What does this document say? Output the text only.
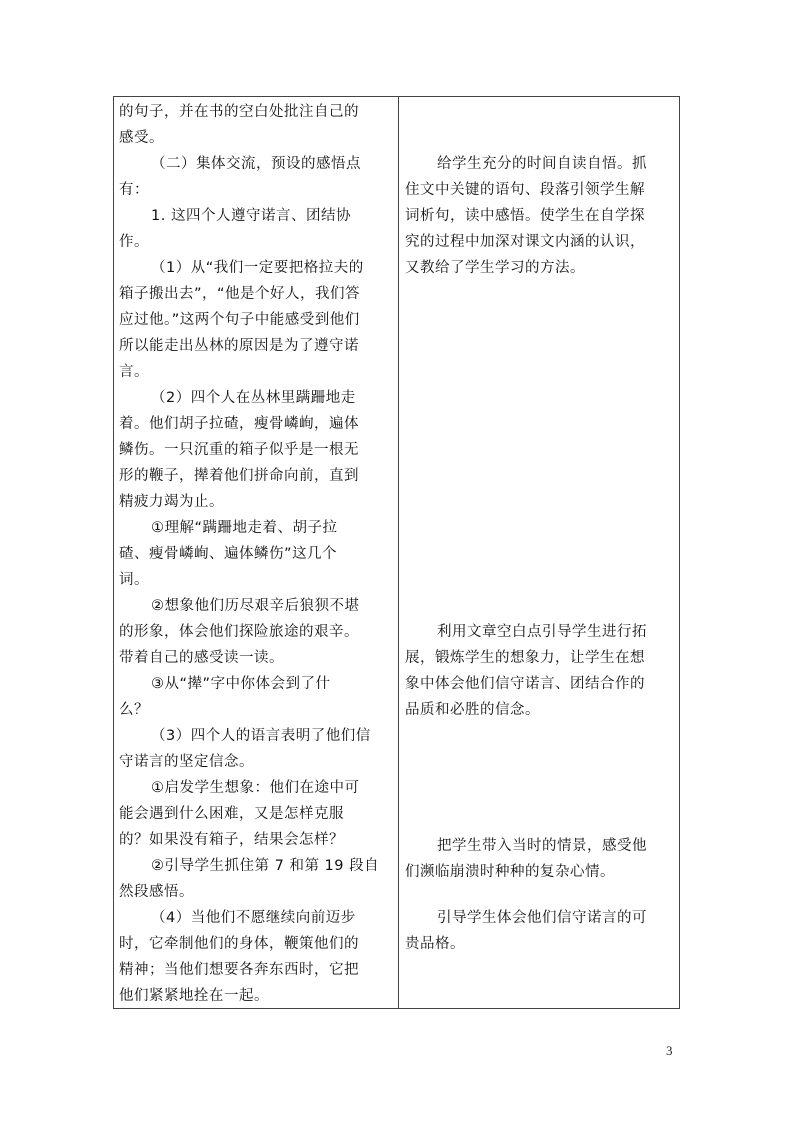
的句子，并在书的空白处批注自己的
感受。
（二）集体交流，预设的感悟点
有：
1. 这四个人遵守诺言、团结协
作。
（1）从“我们一定要把格拉夫的
箱子搬出去”，“他是个好人，我们答
应过他。”这两个句子中能感受到他们
所以能走出丛林的原因是为了遵守诺
言。
（2）四个人在丛林里蹒跚地走
着。他们胡子拉碴，瘦骨嶙峋，遍体
鳞伤。一只沉重的箱子似乎是一根无
形的鞭子，撵着他们拼命向前，直到
精疲力竭为止。
①理解“蹒跚地走着、胡子拉
碴、瘦骨嶙峋、遍体鳞伤”这几个
词。
②想象他们历尽艰辛后狼狈不堪
的形象，体会他们探险旅途的艰辛。
带着自己的感受读一读。
③从“撵”字中你体会到了什
么？
（3）四个人的语言表明了他们信
守诺言的坚定信念。
①启发学生想象：他们在途中可
能会遇到什么困难，又是怎样克服
的？如果没有箱子，结果会怎样？
②引导学生抓住第 7 和第 19 段自
然段感悟。
（4）当他们不愿继续向前迈步
时，它牵制他们的身体，鞭策他们的
精神；当他们想要各奔东西时，它把
他们紧紧地拴在一起。
给学生充分的时间自读自悟。抓
住文中关键的语句、段落引领学生解
词析句，读中感悟。使学生在自学探
究的过程中加深对课文内涵的认识，
又教给了学生学习的方法。
利用文章空白点引导学生进行拓
展，锻炼学生的想象力，让学生在想
象中体会他们信守诺言、团结合作的
品质和必胜的信念。
把学生带入当时的情景，感受他
们濒临崩溃时种种的复杂心情。
引导学生体会他们信守诺言的可
贵品格。
3
